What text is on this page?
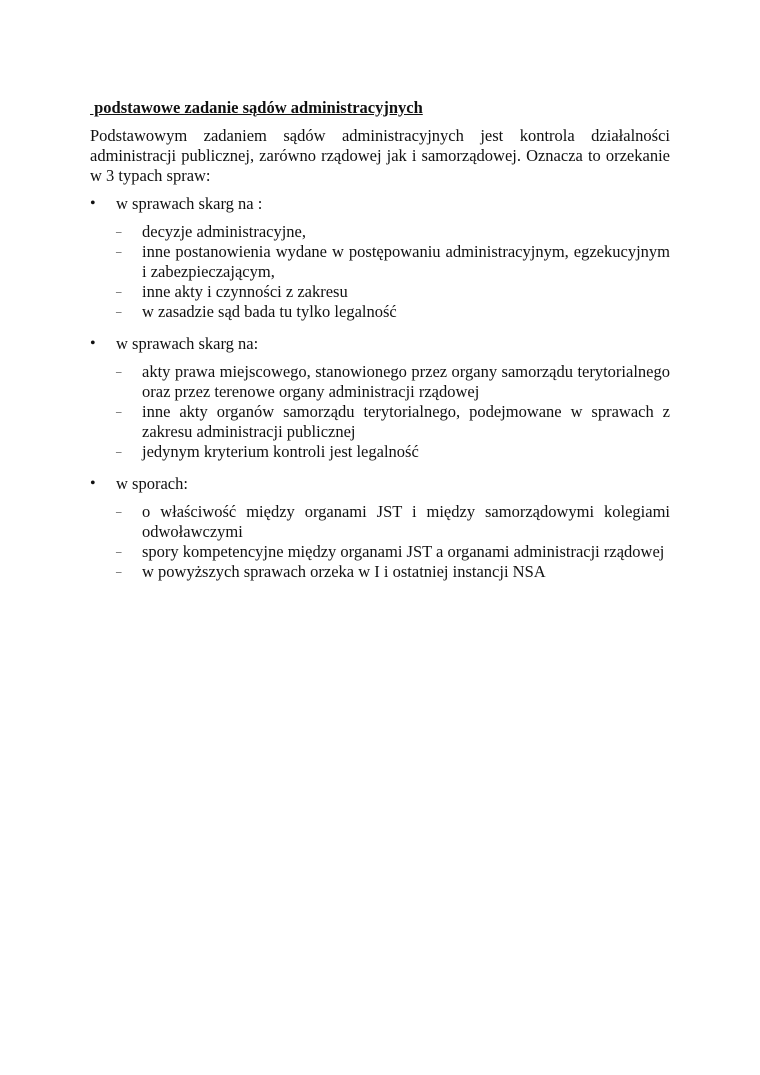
podstawowe zadanie sądów administracyjnych

Podstawowym zadaniem sądów administracyjnych jest kontrola działalności administracji publicznej, zarówno rządowej jak i samorządowej. Oznacza to orzekanie w 3 typach spraw:

•	w sprawach skarg na :
– decyzje administracyjne,
– inne postanowienia wydane w postępowaniu administracyjnym, egzekucyjnym i zabezpieczającym,
– inne akty i czynności z zakresu
– w zasadzie sąd bada tu tylko legalność
•	w sprawach skarg na:
– akty prawa miejscowego, stanowionego przez organy samorządu terytorialnego oraz przez terenowe organy administracji rządowej
– inne akty organów samorządu terytorialnego, podejmowane w sprawach z zakresu administracji publicznej
– jedynym kryterium kontroli jest legalność
•	w sporach:
– o właściwość między organami JST i między samorządowymi kolegiami odwoławczymi
– spory kompetencyjne między organami JST a organami administracji rządowej
– w powyższych sprawach orzeka w I i ostatniej instancji NSA
